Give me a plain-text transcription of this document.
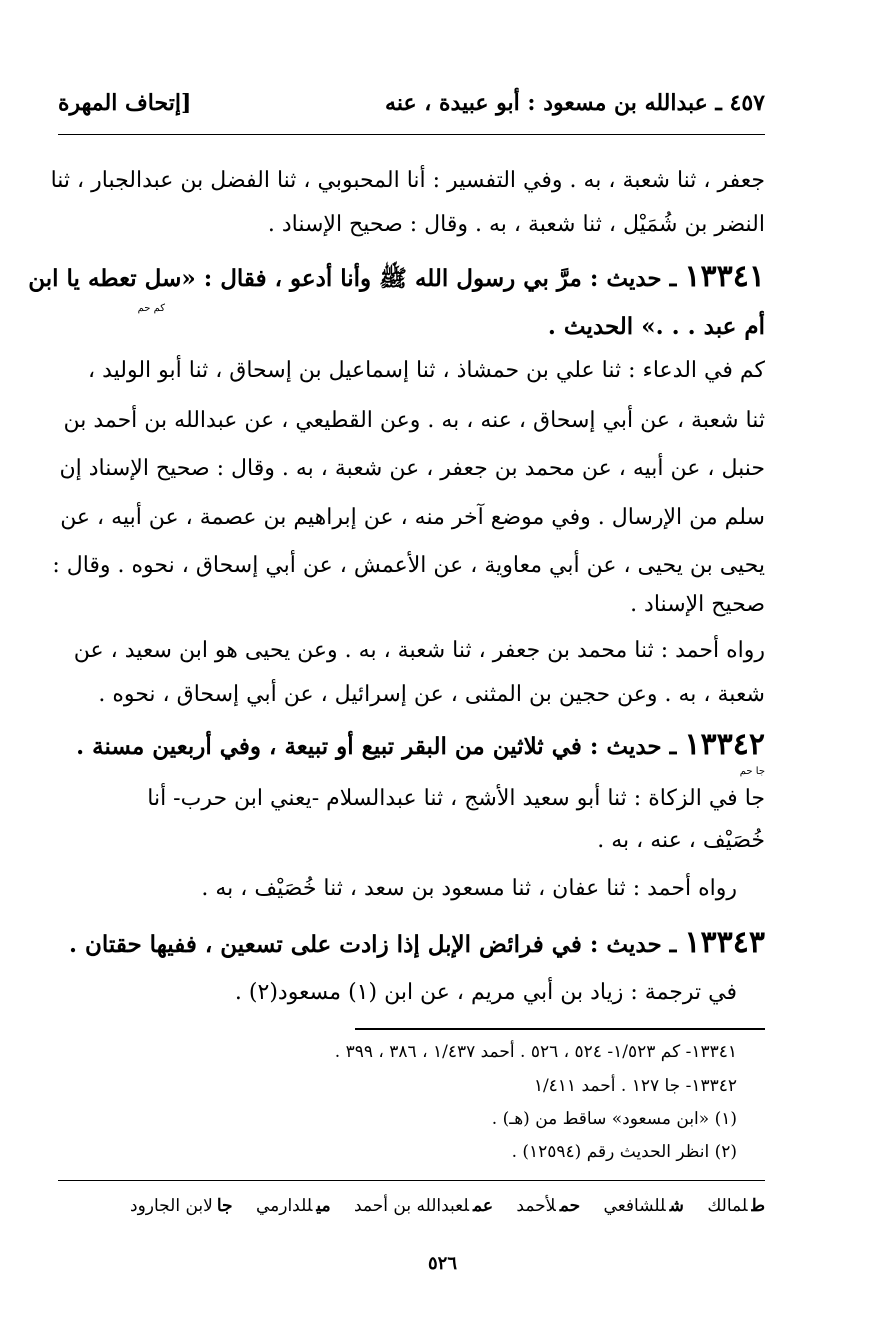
٤٥٧ ـ عبدالله بن مسعود : أبو عبيدة ، عنه
[إتحاف المهرة
جعفر ، ثنا شعبة ، به . وفي التفسير : أنا المحبوبي ، ثنا الفضل بن عبدالجبار ، ثنا
النضر بن شُمَيْل ، ثنا شعبة ، به . وقال : صحيح الإسناد .
١٣٣٤١ ـ حديث : مرَّ بي رسول الله ﷺ وأنا أدعو ، فقال : «سل تعطه يا ابن
كم حم
أم عبد . . .» الحديث .
كم في الدعاء : ثنا علي بن حمشاذ ، ثنا إسماعيل بن إسحاق ، ثنا أبو الوليد ،
ثنا شعبة ، عن أبي إسحاق ، عنه ، به . وعن القطيعي ، عن عبدالله بن أحمد بن
حنبل ، عن أبيه ، عن محمد بن جعفر ، عن شعبة ، به . وقال : صحيح الإسناد إن
سلم من الإرسال . وفي موضع آخر منه ، عن إبراهيم بن عصمة ، عن أبيه ، عن
يحيى بن يحيى ، عن أبي معاوية ، عن الأعمش ، عن أبي إسحاق ، نحوه . وقال :
صحيح الإسناد .
رواه أحمد : ثنا محمد بن جعفر ، ثنا شعبة ، به . وعن يحيى هو ابن سعيد ، عن
شعبة ، به . وعن حجين بن المثنى ، عن إسرائيل ، عن أبي إسحاق ، نحوه .
١٣٣٤٢ ـ حديث : في ثلاثين من البقر تبيع أو تبيعة ، وفي أربعين مسنة .
جا حم
جا في الزكاة : ثنا أبو سعيد الأشج ، ثنا عبدالسلام -يعني ابن حرب- أنا
خُصَيْف ، عنه ، به .
رواه أحمد : ثنا عفان ، ثنا مسعود بن سعد ، ثنا خُصَيْف ، به .
١٣٣٤٣ ـ حديث : في فرائض الإبل إذا زادت على تسعين ، ففيها حقتان .
في ترجمة : زياد بن أبي مريم ، عن ابن (١) مسعود(٢) .
١٣٣٤١- كم ١/٥٢٣- ٥٢٤ ، ٥٢٦ . أحمد ١/٤٣٧ ، ٣٨٦ ، ٣٩٩ .
١٣٣٤٢- جا ١٢٧ . أحمد ١/٤١١
(١) «ابن مسعود» ساقط من (هـ) .
(٢) انظر الحديث رقم (١٢٥٩٤) .
طلمالك شللشافعي حملأحمد عملعبدالله بن أحمد ميللدارمي جالابن الجارود
٥٢٦
